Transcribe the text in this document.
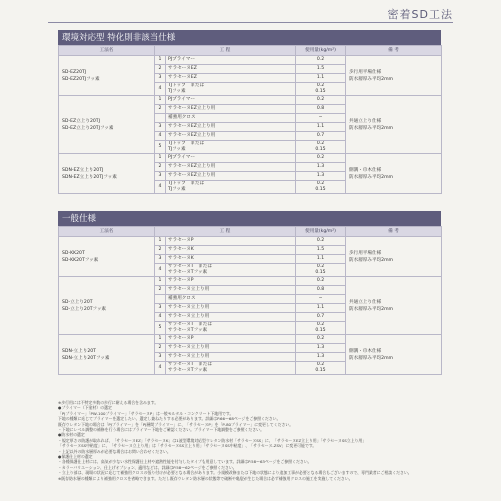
密着SD工法
環境対応型 特化則非該当仕様
工法名	工 程		使用量(kg/m²)	備 考
SD-EZ20TJ
SD-EZ20TJフッ素	1	PJプライマー	0.2	歩行用平場仕様
防水層厚み平均2mm
	2	サラセーヌEZ	1.5	
	3	サラセーヌEZ	1.1	
	4	TJトップ　または
TJフッ素	0.2
0.15	
SD-EZ立上り20TJ
SD-EZ立上り20TJフッ素	1	PJプライマー	0.2	共通立上り仕様
防水層厚み平均2mm
	2	サラセーヌEZ立上り用	0.8	
		補強用クロス	−	
	3	サラセーヌEZ立上り用	1.1	
	4	サラセーヌEZ立上り用	0.7	
	5	TJトップ　または
TJフッ素	0.2
0.15	
SDN-EZ立上り20TJ
SDN-EZ立上り20TJフッ素	1	PJプライマー	0.2	側溝・巾木仕様
防水層厚み平均2mm
	2	サラセーヌEZ立上り用	1.3	
	3	サラセーヌEZ立上り用	1.3	
	4	TJトップ　または
TJフッ素	0.2
0.15	
一般仕様
工法名	工 程		使用量(kg/m²)	備 考
SD-KK20T
SD-KK20Tフッ素	1	サラセーヌP	0.2	歩行用平場仕様
防水層厚み平均2mm
	2	サラセーヌK	1.5	
	3	サラセーヌK	1.1	
	4	サラセーヌT　または
サラセーヌTフッ素	0.2
0.15	
SD-立上り20T
SD-立上り20Tフッ素	1	サラセーヌP	0.2	共通立上り仕様
防水層厚み平均2mm
	2	サラセーヌ立上り用	0.8	
		補強用クロス	−	
	3	サラセーヌ立上り用	1.1	
	4	サラセーヌ立上り用	0.7	
	5	サラセーヌT　または
サラセーヌTフッ素	0.2
0.15	
SDN-立上り20T
SDN-立上り20Tフッ素	1	サラセーヌP	0.2	側溝・巾木仕様
防水層厚み平均2mm
	2	サラセーヌ立上り用	1.3	
	3	サラセーヌ立上り用	1.3	
	4	サラセーヌT　または
サラセーヌTフッ素	0.2
0.15	

※歩行用には不特定多数の歩行に耐える場合を含みます。

●プライマー（下塗材）の選定

「PJプライマー」「PW-100プライマー」「サラセーヌP」は一般モルタル・コンクリート下地用です。

下地の種類に応じてプライマーを選定したい、選定し兼ねたりする必要があります。詳細はP.66〜68ページをご参照ください。

既存ウレタン下地の場合は「PJプライマー」を「PJ層間プライマー」に、「サラセーヌP」を「P-80プライマー」に変更してください。

・下地にレベル調整の補修を行う場合にはプライマー下地をご確認ください。プライマー下地調整をご参照ください。

●防水材の選定

・規定厚さの防護が取れれば、「サラセーヌEZ」「サラセーヌK」は1液型環境対応型ウレタン防水材「サラセーヌSS」に、「サラセーヌEZ立上り用」「サラセーヌSS立上り用」

「サラセーヌSS中粘度」に、「サラセーヌ立上り用」は「サラセーヌSS立上り用」「サラセーヌSS中粘度」、「サラセーヌ-ZSV」に変更可能です。

・上記以外の防水層厚みが必要な場合はお問い合わせください。

●保護仕上材の選定

・各種保護仕上材には、高気が少ない水性保護仕上材や遮熱性能を付与したタイプも用意しています。詳細はP.58〜63ページをご参照ください。

・カラーバリエーション、仕上げオプション、適用などは、詳細はP.58〜62ページをご参照ください。

・立上り部は、現場の状況に応じて補強用クロスの張り付けが必要となる場合があります。小規模改修または下地の状態により追加工事が必要となる場合もございますので、専門業者にご相談ください。

※既存防水層の種類により補強用クロスを省略できます。ただし既存ウレタン防水層の状態等で破断や亀裂が生じた場合は必ず補強用クロスの施工を実施してください。
